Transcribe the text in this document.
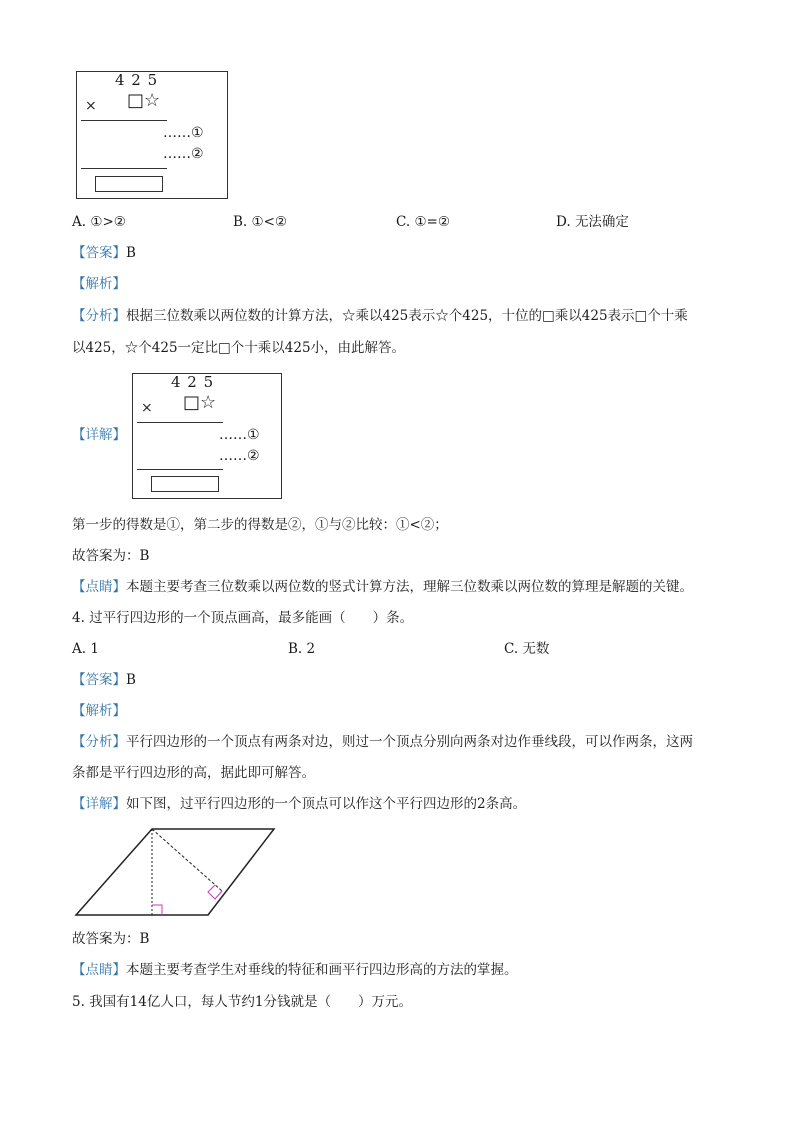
4 2 5
× □☆
……①
……②
A. ①>②	B. ①<②	C. ①=②	D. 无法确定
【答案】B
【解析】
【分析】根据三位数乘以两位数的计算方法，☆乘以425表示☆个425，十位的□乘以425表示□个十乘
以425，☆个425一定比□个十乘以425小，由此解答。
【详解】
4 2 5
× □☆
……①
……②
第一步的得数是①，第二步的得数是②，①与②比较：①<②；
故答案为：B
【点睛】本题主要考查三位数乘以两位数的竖式计算方法，理解三位数乘以两位数的算理是解题的关键。
4. 过平行四边形的一个顶点画高，最多能画（　　）条。
A. 1	B. 2	C. 无数
【答案】B
【解析】
【分析】平行四边形的一个顶点有两条对边，则过一个顶点分别向两条对边作垂线段，可以作两条，这两
条都是平行四边形的高，据此即可解答。
【详解】如下图，过平行四边形的一个顶点可以作这个平行四边形的2条高。
故答案为：B
【点睛】本题主要考查学生对垂线的特征和画平行四边形高的方法的掌握。
5. 我国有14亿人口，每人节约1分钱就是（　　）万元。
